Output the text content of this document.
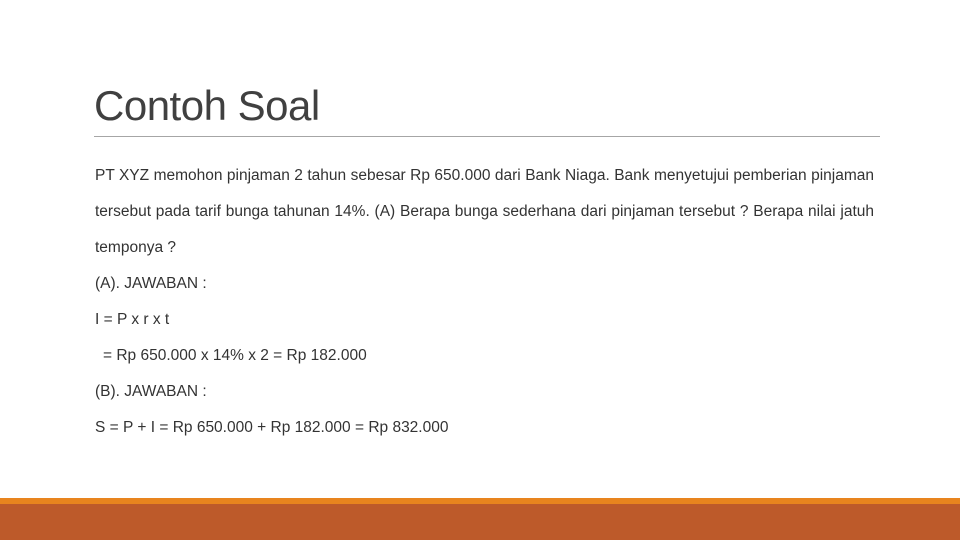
Contoh Soal

PT XYZ memohon pinjaman 2 tahun sebesar Rp 650.000 dari Bank Niaga. Bank menyetujui pemberian pinjaman tersebut pada tarif bunga tahunan 14%. (A) Berapa bunga sederhana dari pinjaman tersebut ? Berapa nilai jatuh temponya ?

(A). JAWABAN :

I = P x r x t

= Rp 650.000 x 14% x 2 = Rp 182.000

(B). JAWABAN :

S = P + I = Rp 650.000 + Rp 182.000 = Rp 832.000
